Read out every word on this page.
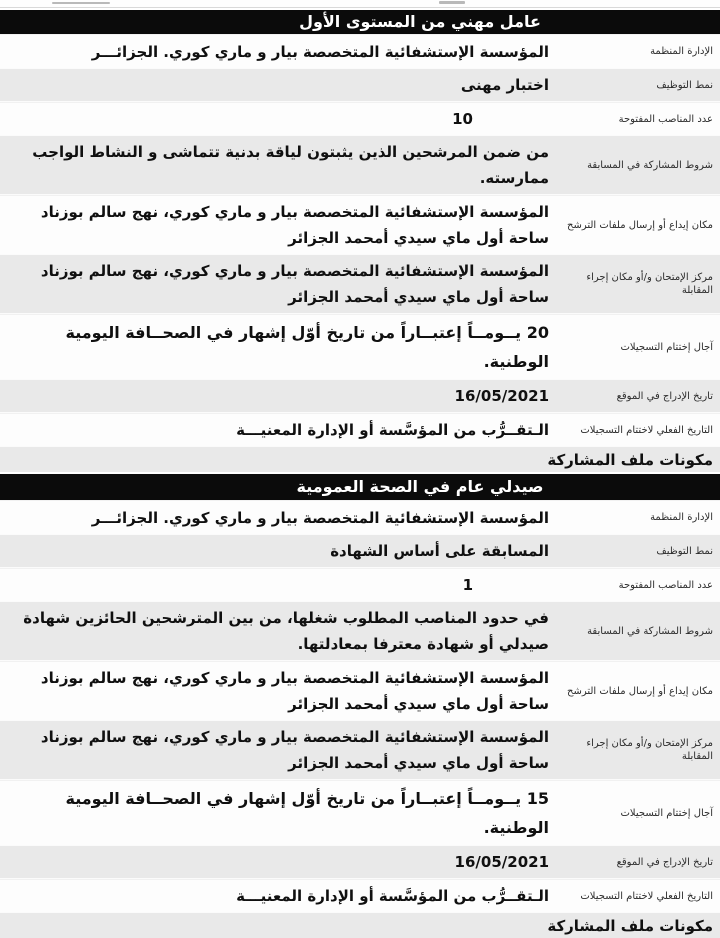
عامل مهني من المستوى الأول
الإدارة المنظمة
المؤسسة الإستشفائية المتخصصة بيار و ماري كوري. الجزائـــر
نمط التوظيف
اختبار مهنى
عدد المناصب المفتوحة
10
شروط المشاركة في المسابقة
من ضمن المرشحين الذين يثبتون لياقة بدنية تتماشى و النشاط الواجب ممارسته.
مكان إيداع أو إرسال ملفات الترشح
المؤسسة الإستشفائية المتخصصة بيار و ماري كوري، نهج سالم بوزناد ساحة أول ماي سيدي أمحمد الجزائر
مركز الإمتحان و/أو مكان إجراء المقابلة
المؤسسة الإستشفائية المتخصصة بيار و ماري كوري، نهج سالم بوزناد ساحة أول ماي سيدي أمحمد الجزائر
آجال إختتام التسجيلات
20 يــومــاً إعتبــاراً من تاريخ أوّل إشهار في الصحــافة اليومية الوطنية.
تاريخ الإدراج في الموقع
16/05/2021
التاريخ الفعلي لاختتام التسجيلات
الـتقــرُّب من المؤسَّسة أو الإدارة المعنيـــة
مكونات ملف المشاركة
صيدلي عام في الصحة العمومية
الإدارة المنظمة
المؤسسة الإستشفائية المتخصصة بيار و ماري كوري. الجزائـــر
نمط التوظيف
المسابقة على أساس الشهادة
عدد المناصب المفتوحة
1
شروط المشاركة في المسابقة
في حدود المناصب المطلوب شغلها، من بين المترشحين الحائزين شهادة صيدلي أو شهادة معترفا بمعادلتها.
مكان إيداع أو إرسال ملفات الترشح
المؤسسة الإستشفائية المتخصصة بيار و ماري كوري، نهج سالم بوزناد ساحة أول ماي سيدي أمحمد الجزائر
مركز الإمتحان و/أو مكان إجراء المقابلة
المؤسسة الإستشفائية المتخصصة بيار و ماري كوري، نهج سالم بوزناد ساحة أول ماي سيدي أمحمد الجزائر
آجال إختتام التسجيلات
15 يــومــاً إعتبــاراً من تاريخ أوّل إشهار في الصحــافة اليومية الوطنية.
تاريخ الإدراج في الموقع
16/05/2021
التاريخ الفعلي لاختتام التسجيلات
الـتقــرُّب من المؤسَّسة أو الإدارة المعنيـــة
مكونات ملف المشاركة
